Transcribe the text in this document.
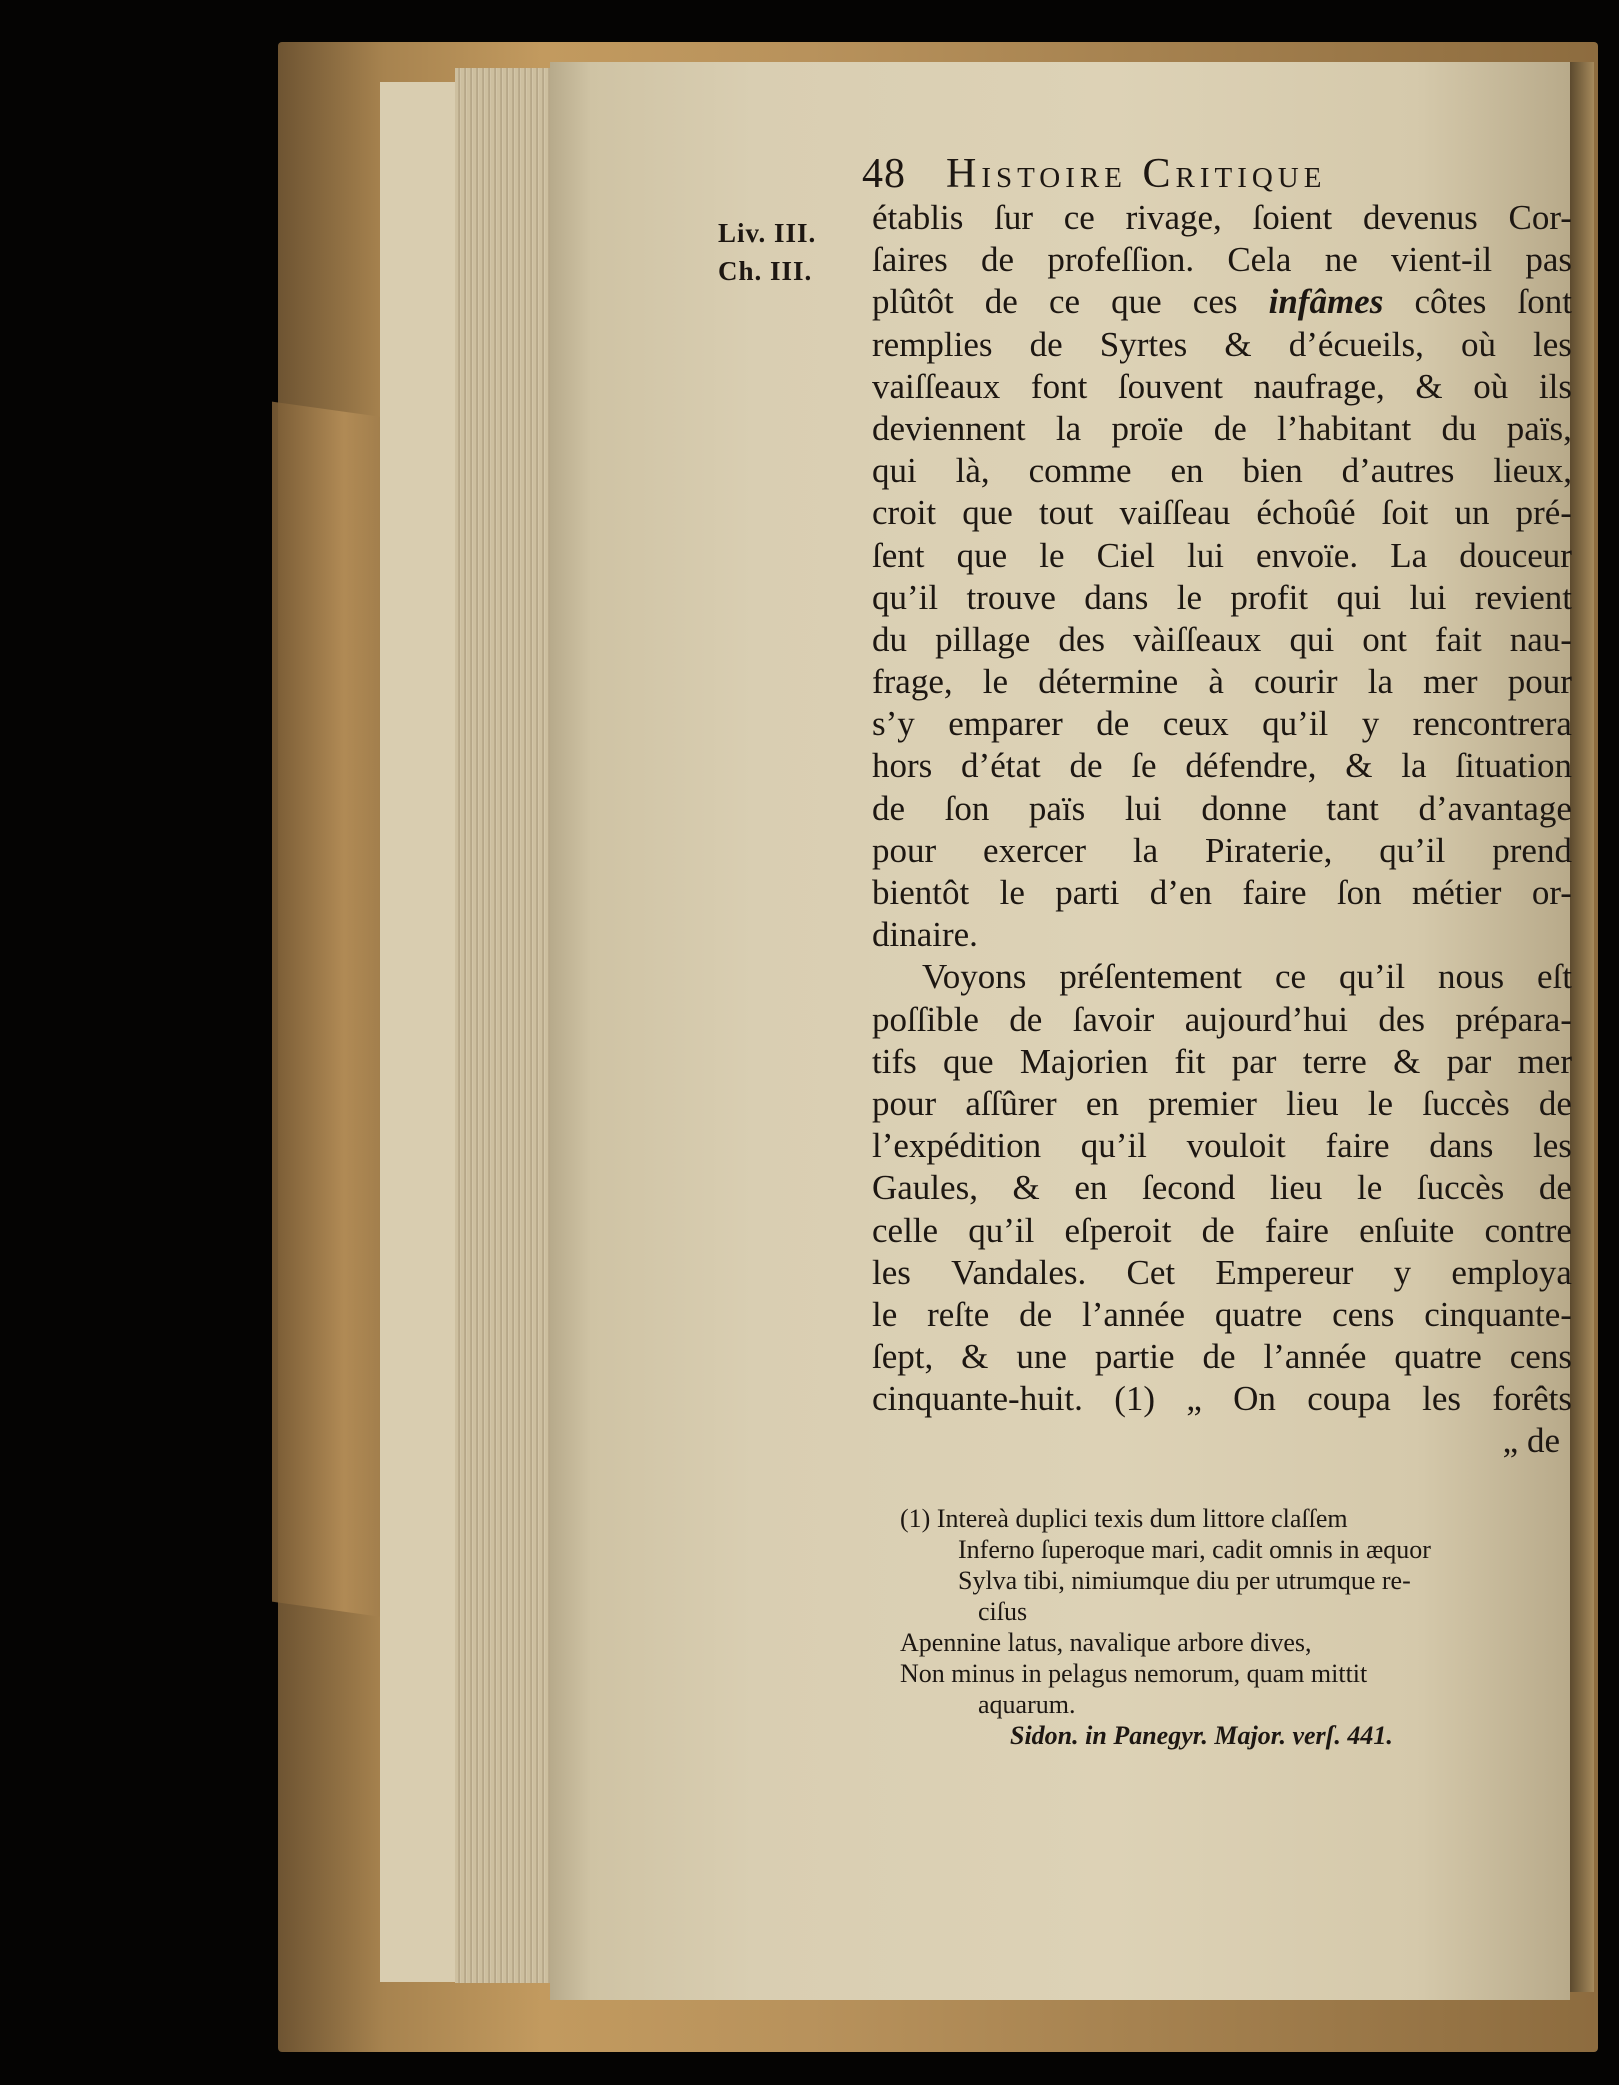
48 Histoire Critique
Liv. III.
Ch. III.
établis ſur ce rivage, ſoient devenus Cor-
ſaires de profeſſion. Cela ne vient-il pas
plûtôt de ce que ces infâmes côtes ſont
remplies de Syrtes & d’écueils, où les
vaiſſeaux font ſouvent naufrage, & où ils
deviennent la proïe de l’habitant du païs,
qui là, comme en bien d’autres lieux,
croit que tout vaiſſeau échoûé ſoit un pré-
ſent que le Ciel lui envoïe. La douceur
qu’il trouve dans le profit qui lui revient
du pillage des vàiſſeaux qui ont fait nau-
frage, le détermine à courir la mer pour
s’y emparer de ceux qu’il y rencontrera
hors d’état de ſe défendre, & la ſituation
de ſon païs lui donne tant d’avantage
pour exercer la Piraterie, qu’il prend
bientôt le parti d’en faire ſon métier or-
dinaire.
Voyons préſentement ce qu’il nous eſt
poſſible de ſavoir aujourd’hui des prépara-
tifs que Majorien fit par terre & par mer
pour aſſûrer en premier lieu le ſuccès de
l’expédition qu’il vouloit faire dans les
Gaules, & en ſecond lieu le ſuccès de
celle qu’il eſperoit de faire enſuite contre
les Vandales. Cet Empereur y employa
le reſte de l’année quatre cens cinquante-
ſept, & une partie de l’année quatre cens
cinquante-huit. (1) „ On coupa les forêts
„ de
(1) Intereà duplici texis dum littore claſſem
Inferno ſuperoque mari, cadit omnis in æquor
Sylva tibi, nimiumque diu per utrumque re-
ciſus
Apennine latus, navalique arbore dives,
Non minus in pelagus nemorum, quam mittit
aquarum.
Sidon. in Panegyr. Major. verſ. 441.
